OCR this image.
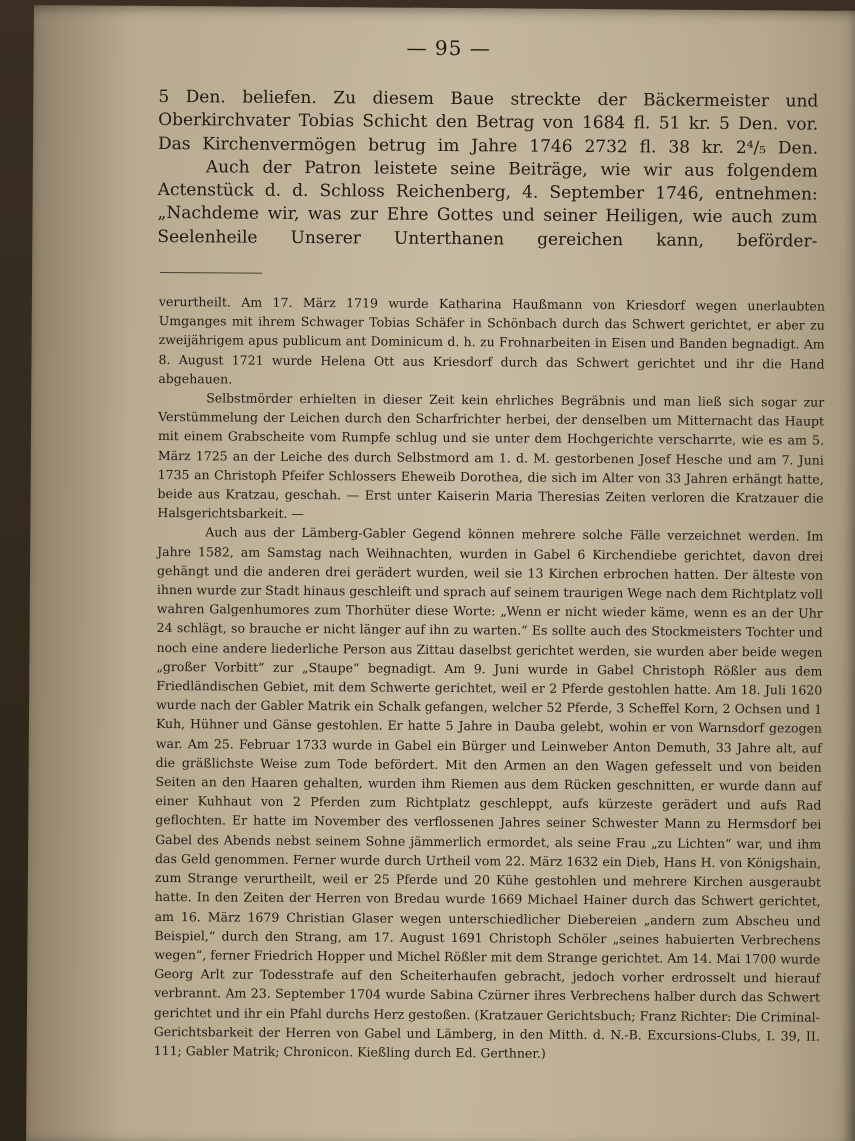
— 95 —

5 Den. beliefen. Zu diesem Baue streckte der Bäckermeister und Oberkirchvater Tobias Schicht den Betrag von 1684 fl. 51 kr. 5 Den. vor. Das Kirchenvermögen betrug im Jahre 1746 2732 fl. 38 kr. 2⁴/₅ Den.

Auch der Patron leistete seine Beiträge, wie wir aus folgendem Actenstück d. d. Schloss Reichenberg, 4. September 1746, entnehmen: „Nachdeme wir, was zur Ehre Gottes und seiner Heiligen, wie auch zum Seelenheile Unserer Unterthanen gereichen kann, beförder-

verurtheilt. Am 17. März 1719 wurde Katharina Haußmann von Kriesdorf wegen unerlaubten Umganges mit ihrem Schwager Tobias Schäfer in Schönbach durch das Schwert gerichtet, er aber zu zweijährigem apus publicum ant Dominicum d. h. zu Frohnarbeiten in Eisen und Banden begnadigt. Am 8. August 1721 wurde Helena Ott aus Kriesdorf durch das Schwert gerichtet und ihr die Hand abgehauen.

Selbstmörder erhielten in dieser Zeit kein ehrliches Begräbnis und man ließ sich sogar zur Verstümmelung der Leichen durch den Scharfrichter herbei, der denselben um Mitternacht das Haupt mit einem Grabscheite vom Rumpfe schlug und sie unter dem Hochgerichte verscharrte, wie es am 5. März 1725 an der Leiche des durch Selbstmord am 1. d. M. gestorbenen Josef Hesche und am 7. Juni 1735 an Christoph Pfeifer Schlossers Eheweib Dorothea, die sich im Alter von 33 Jahren erhängt hatte, beide aus Kratzau, geschah. — Erst unter Kaiserin Maria Theresias Zeiten verloren die Kratzauer die Halsgerichtsbarkeit. —

Auch aus der Lämberg-Gabler Gegend können mehrere solche Fälle verzeichnet werden. Im Jahre 1582, am Samstag nach Weihnachten, wurden in Gabel 6 Kirchendiebe gerichtet, davon drei gehängt und die anderen drei gerädert wurden, weil sie 13 Kirchen erbrochen hatten. Der älteste von ihnen wurde zur Stadt hinaus geschleift und sprach auf seinem traurigen Wege nach dem Richtplatz voll wahren Galgenhumores zum Thorhüter diese Worte: „Wenn er nicht wieder käme, wenn es an der Uhr 24 schlägt, so brauche er nicht länger auf ihn zu warten.“ Es sollte auch des Stockmeisters Tochter und noch eine andere liederliche Person aus Zittau daselbst gerichtet werden, sie wurden aber beide wegen „großer Vorbitt“ zur „Staupe“ begnadigt. Am 9. Juni wurde in Gabel Christoph Rößler aus dem Friedländischen Gebiet, mit dem Schwerte gerichtet, weil er 2 Pferde gestohlen hatte. Am 18. Juli 1620 wurde nach der Gabler Matrik ein Schalk gefangen, welcher 52 Pferde, 3 Scheffel Korn, 2 Ochsen und 1 Kuh, Hühner und Gänse gestohlen. Er hatte 5 Jahre in Dauba gelebt, wohin er von Warnsdorf gezogen war. Am 25. Februar 1733 wurde in Gabel ein Bürger und Leinweber Anton Demuth, 33 Jahre alt, auf die gräßlichste Weise zum Tode befördert. Mit den Armen an den Wagen gefesselt und von beiden Seiten an den Haaren gehalten, wurden ihm Riemen aus dem Rücken geschnitten, er wurde dann auf einer Kuhhaut von 2 Pferden zum Richtplatz geschleppt, aufs kürzeste gerädert und aufs Rad geflochten. Er hatte im November des verflossenen Jahres seiner Schwester Mann zu Hermsdorf bei Gabel des Abends nebst seinem Sohne jämmerlich ermordet, als seine Frau „zu Lichten“ war, und ihm das Geld genommen. Ferner wurde durch Urtheil vom 22. März 1632 ein Dieb, Hans H. von Königshain, zum Strange verurtheilt, weil er 25 Pferde und 20 Kühe gestohlen und mehrere Kirchen ausgeraubt hatte. In den Zeiten der Herren von Bredau wurde 1669 Michael Hainer durch das Schwert gerichtet, am 16. März 1679 Christian Glaser wegen unterschiedlicher Diebereien „andern zum Abscheu und Beispiel,“ durch den Strang, am 17. August 1691 Christoph Schöler „seines habuierten Verbrechens wegen“, ferner Friedrich Hopper und Michel Rößler mit dem Strange gerichtet. Am 14. Mai 1700 wurde Georg Arlt zur Todesstrafe auf den Scheiterhaufen gebracht, jedoch vorher erdrosselt und hierauf verbrannt. Am 23. September 1704 wurde Sabina Czürner ihres Verbrechens halber durch das Schwert gerichtet und ihr ein Pfahl durchs Herz gestoßen. (Kratzauer Gerichtsbuch; Franz Richter: Die Criminal-Gerichtsbarkeit der Herren von Gabel und Lämberg, in den Mitth. d. N.-B. Excursions-Clubs, I. 39, II. 111; Gabler Matrik; Chronicon. Kießling durch Ed. Gerthner.)
